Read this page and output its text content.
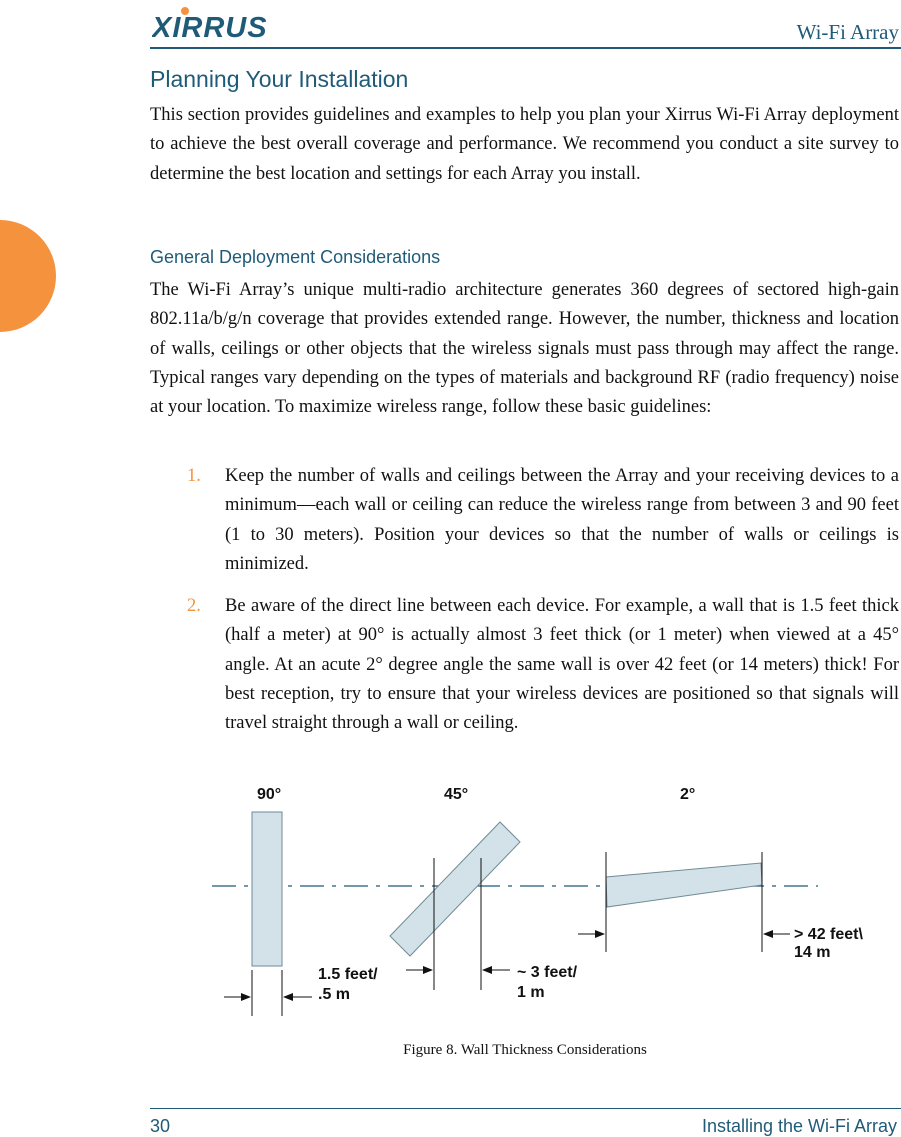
XIRRUS	Wi-Fi Array
Planning Your Installation

This section provides guidelines and examples to help you plan your Xirrus Wi-Fi Array deployment to achieve the best overall coverage and performance. We recommend you conduct a site survey to determine the best location and settings for each Array you install.

General Deployment Considerations

The Wi-Fi Array’s unique multi-radio architecture generates 360 degrees of sectored high-gain 802.11a/b/g/n coverage that provides extended range. However, the number, thickness and location of walls, ceilings or other objects that the wireless signals must pass through may affect the range. Typical ranges vary depending on the types of materials and background RF (radio frequency) noise at your location. To maximize wireless range, follow these basic guidelines:

1. Keep the number of walls and ceilings between the Array and your receiving devices to a minimum—each wall or ceiling can reduce the wireless range from between 3 and 90 feet (1 to 30 meters). Position your devices so that the number of walls or ceilings is minimized.

2. Be aware of the direct line between each device. For example, a wall that is 1.5 feet thick (half a meter) at 90° is actually almost 3 feet thick (or 1 meter) when viewed at a 45° angle. At an acute 2° degree angle the same wall is over 42 feet (or 14 meters) thick! For best reception, try to ensure that your wireless devices are positioned so that signals will travel straight through a wall or ceiling.

90°	45°	2°
1.5 feet/
.5 m
~ 3 feet/
1 m
> 42 feet\
14 m
Figure 8. Wall Thickness Considerations
30	Installing the Wi-Fi Array
